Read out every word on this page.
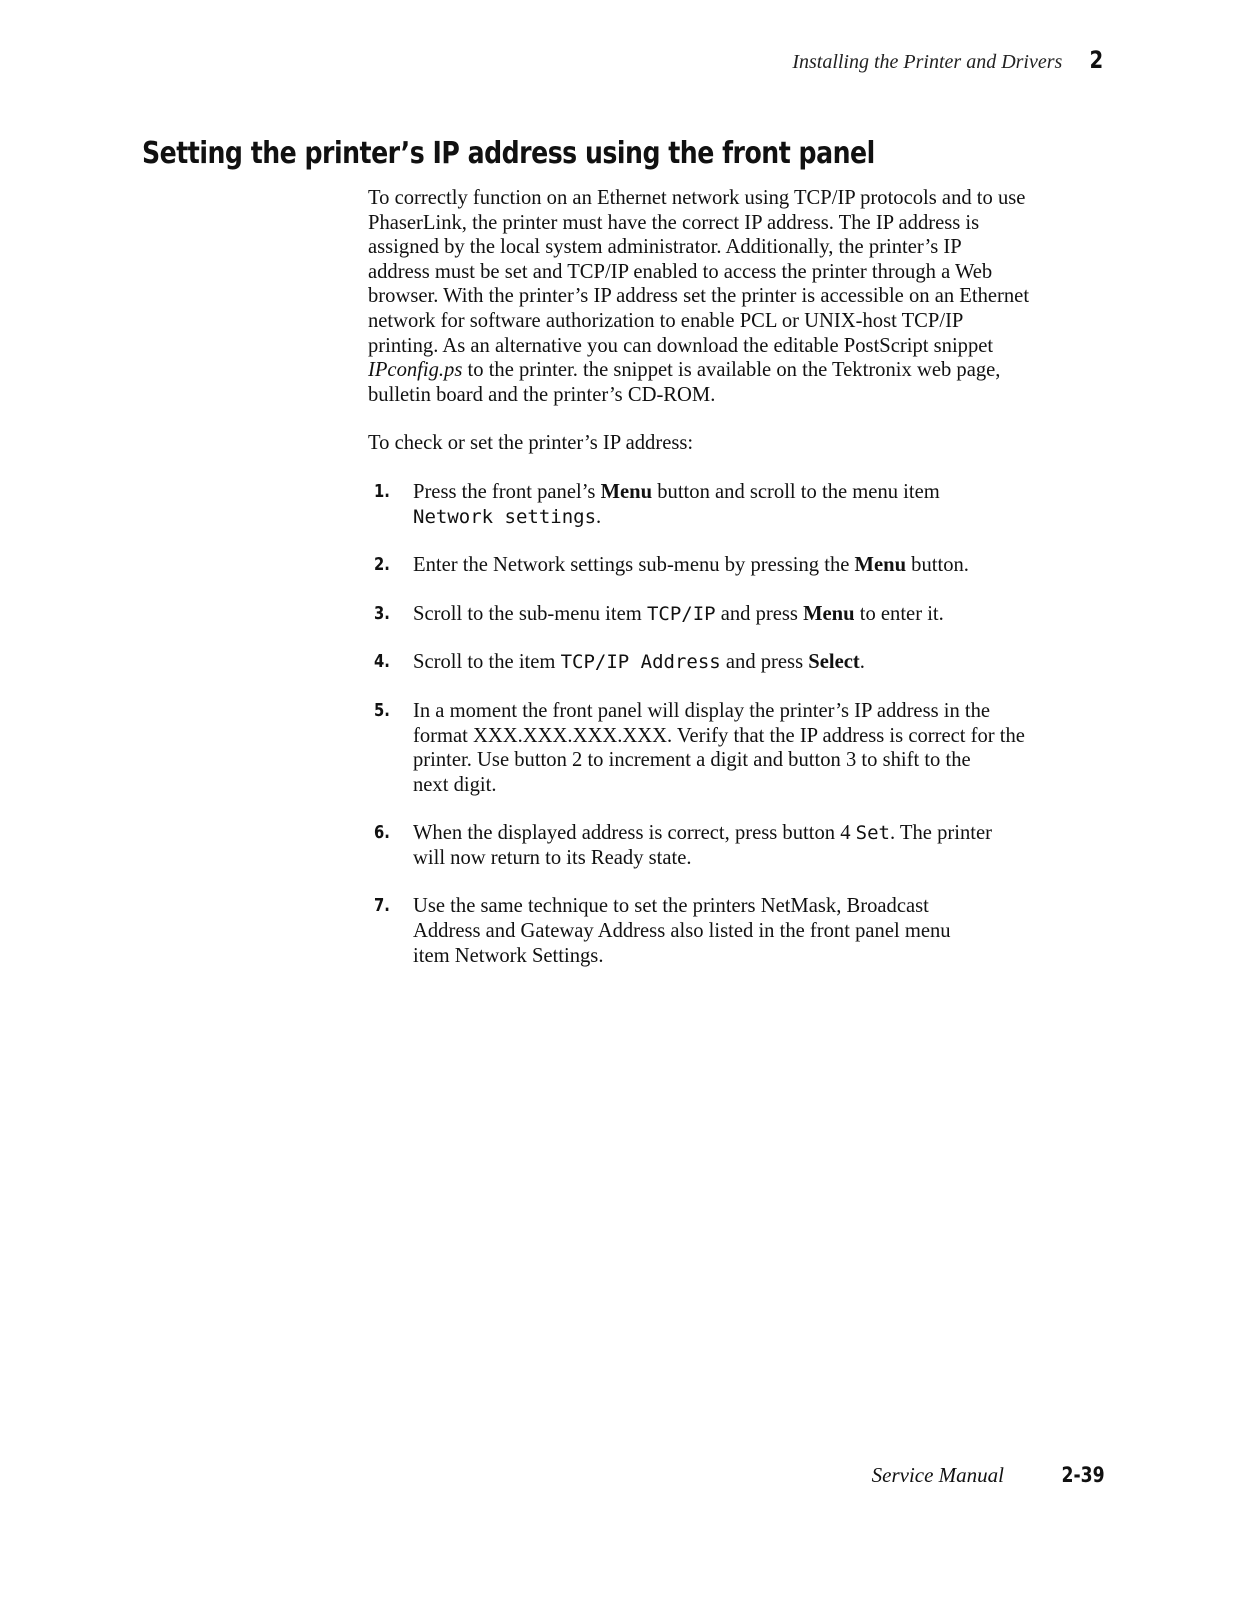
Installing the Printer and Drivers 2
Setting the printer’s IP address using the front panel

To correctly function on an Ethernet network using TCP/IP protocols and to use
PhaserLink, the printer must have the correct IP address. The IP address is
assigned by the local system administrator. Additionally, the printer’s IP
address must be set and TCP/IP enabled to access the printer through a Web
browser. With the printer’s IP address set the printer is accessible on an Ethernet
network for software authorization to enable PCL or UNIX-host TCP/IP
printing. As an alternative you can download the editable PostScript snippet
IPconfig.ps to the printer. the snippet is available on the Tektronix web page,
bulletin board and the printer’s CD-ROM.

To check or set the printer’s IP address:

1. Press the front panel’s Menu button and scroll to the menu item
Network settings.
2. Enter the Network settings sub-menu by pressing the Menu button.
3. Scroll to the sub-menu item TCP/IP and press Menu to enter it.
4. Scroll to the item TCP/IP Address and press Select.
5. In a moment the front panel will display the printer’s IP address in the
format XXX.XXX.XXX.XXX. Verify that the IP address is correct for the
printer. Use button 2 to increment a digit and button 3 to shift to the
next digit.
6. When the displayed address is correct, press button 4 Set. The printer
will now return to its Ready state.
7. Use the same technique to set the printers NetMask, Broadcast
Address and Gateway Address also listed in the front panel menu
item Network Settings.
Service Manual	2-39
